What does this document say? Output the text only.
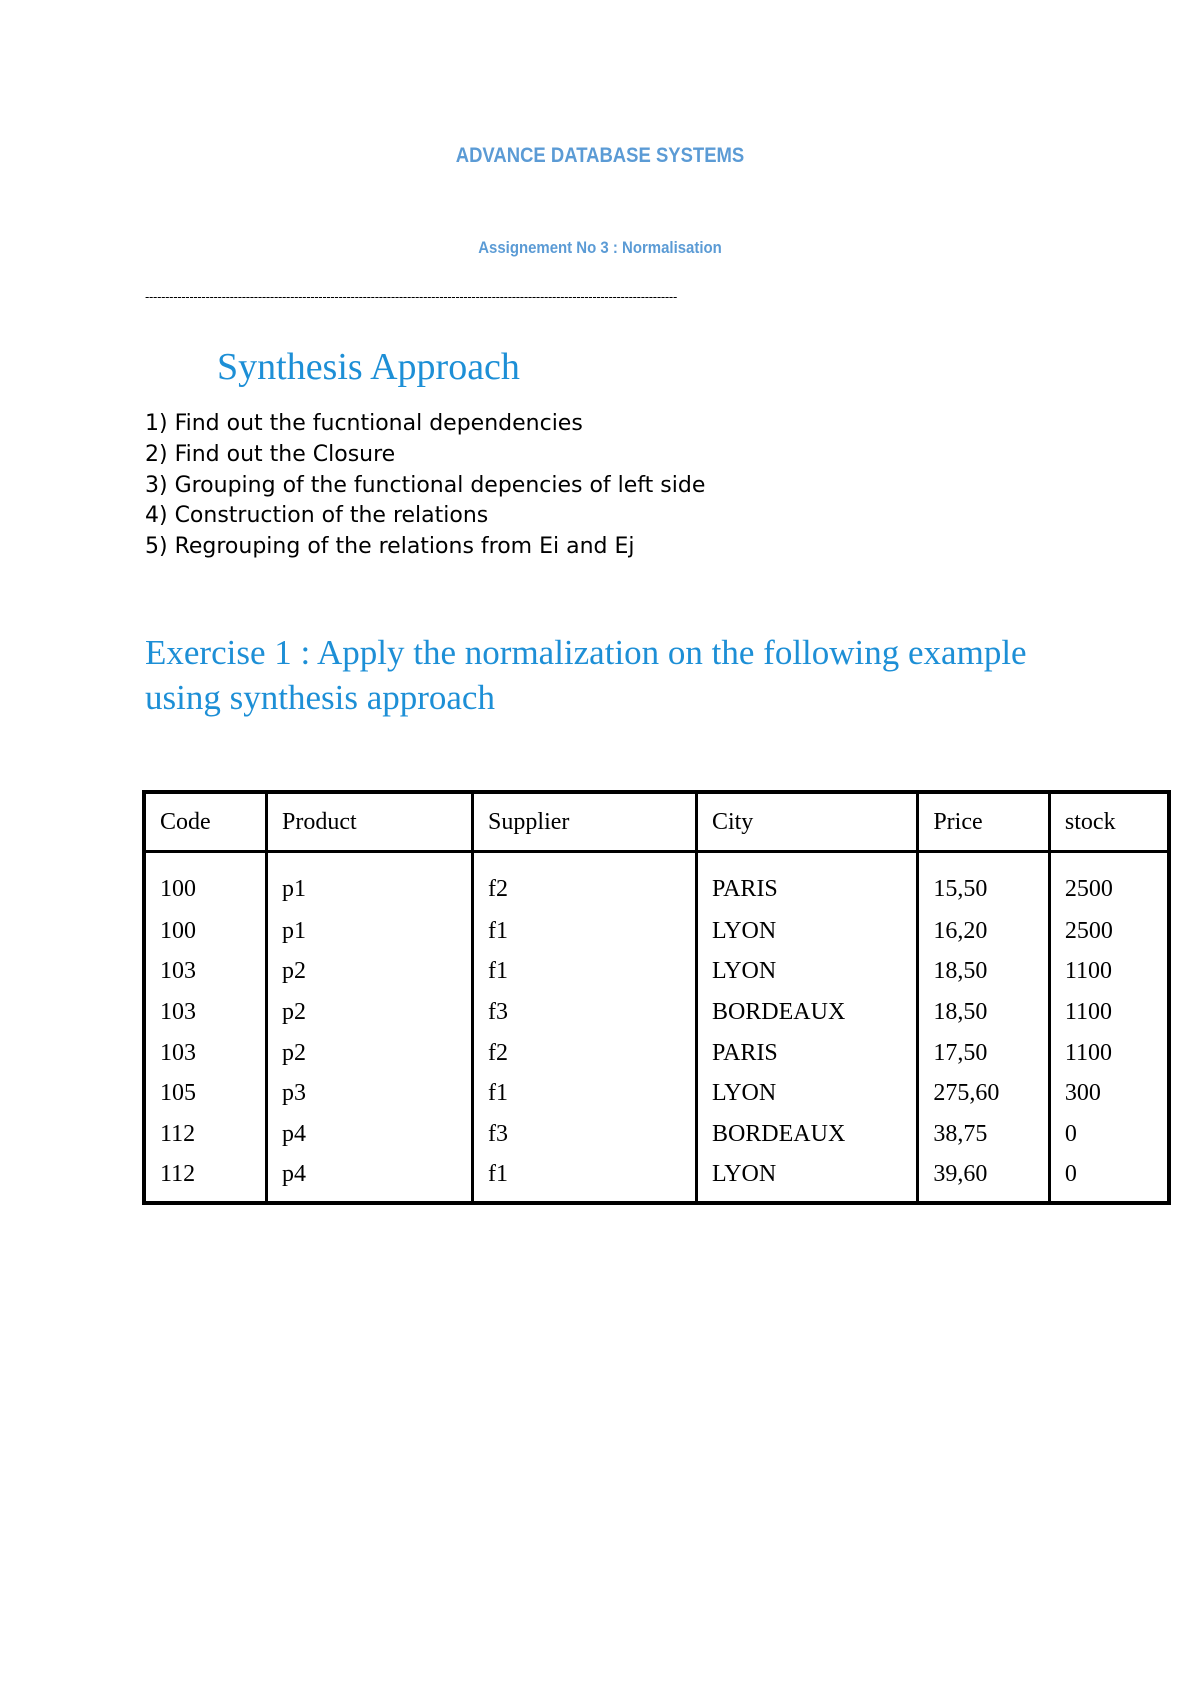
ADVANCE DATABASE SYSTEMS
Assignement No 3 : Normalisation
------------------------------------------------------------------------------------------------------------------------------------
Synthesis Approach
1) Find out the fucntional dependencies
2) Find out the Closure
3) Grouping of the functional depencies of left side
4) Construction of the relations
5) Regrouping of the relations from Ei and Ej
Exercise 1 : Apply the normalization on the following example using synthesis approach
Code	Product	Supplier	City	Price	stock
100	p1	f2	PARIS	15,50	2500
100	p1	f1	LYON	16,20	2500
103	p2	f1	LYON	18,50	1100
103	p2	f3	BORDEAUX	18,50	1100
103	p2	f2	PARIS	17,50	1100
105	p3	f1	LYON	275,60	300
112	p4	f3	BORDEAUX	38,75	0
112	p4	f1	LYON	39,60	0
